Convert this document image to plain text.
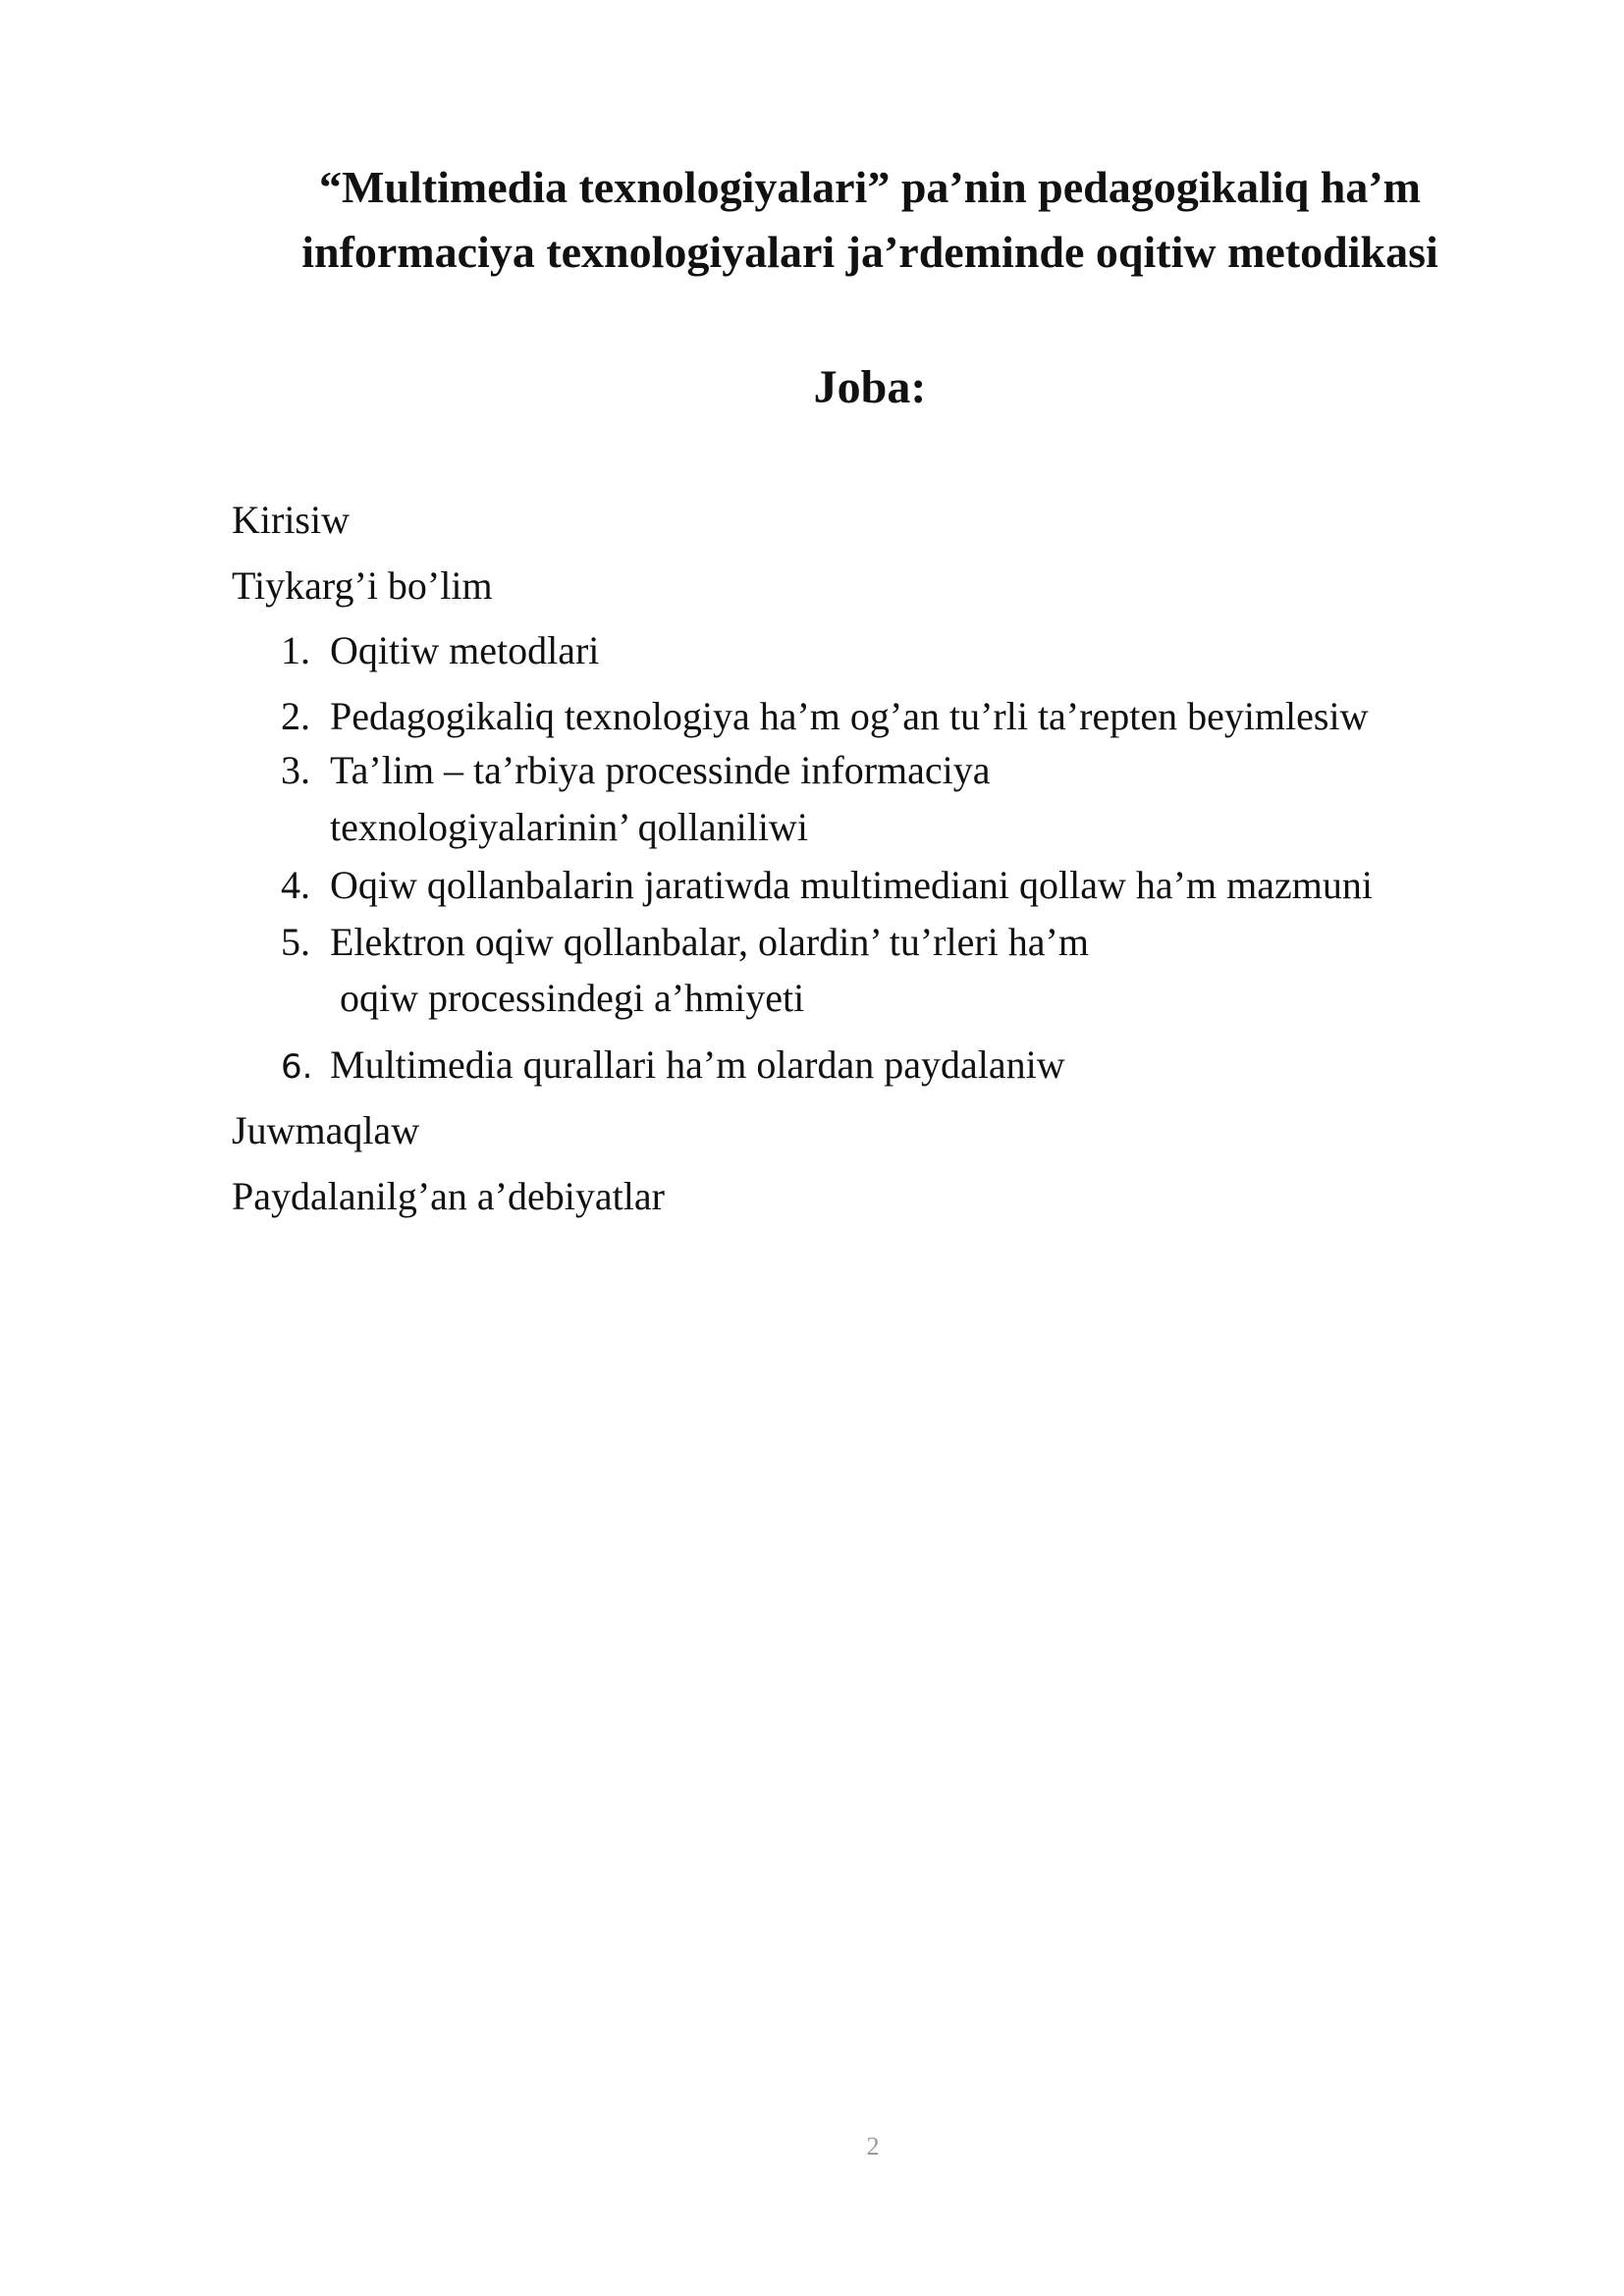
“Multimedia texnologiyalari” pa’nin pedagogikaliq ha’m
informaciya texnologiyalari ja’rdeminde oqitiw metodikasi
Joba:

Kirisiw

Tiykarg’i bo’lim

1. Oqitiw metodlari
2. Pedagogikaliq texnologiya ha’m og’an tu’rli ta’repten beyimlesiw
3. Ta’lim – ta’rbiya processinde informaciya
texnologiyalarinin’ qollaniliwi
4. Oqiw qollanbalarin jaratiwda multimediani qollaw ha’m mazmuni
5. Elektron oqiw qollanbalar, olardin’ tu’rleri ha’m
oqiw processindegi a’hmiyeti
6. Multimedia qurallari ha’m olardan paydalaniw

Juwmaqlaw

Paydalanilg’an a’debiyatlar

2
